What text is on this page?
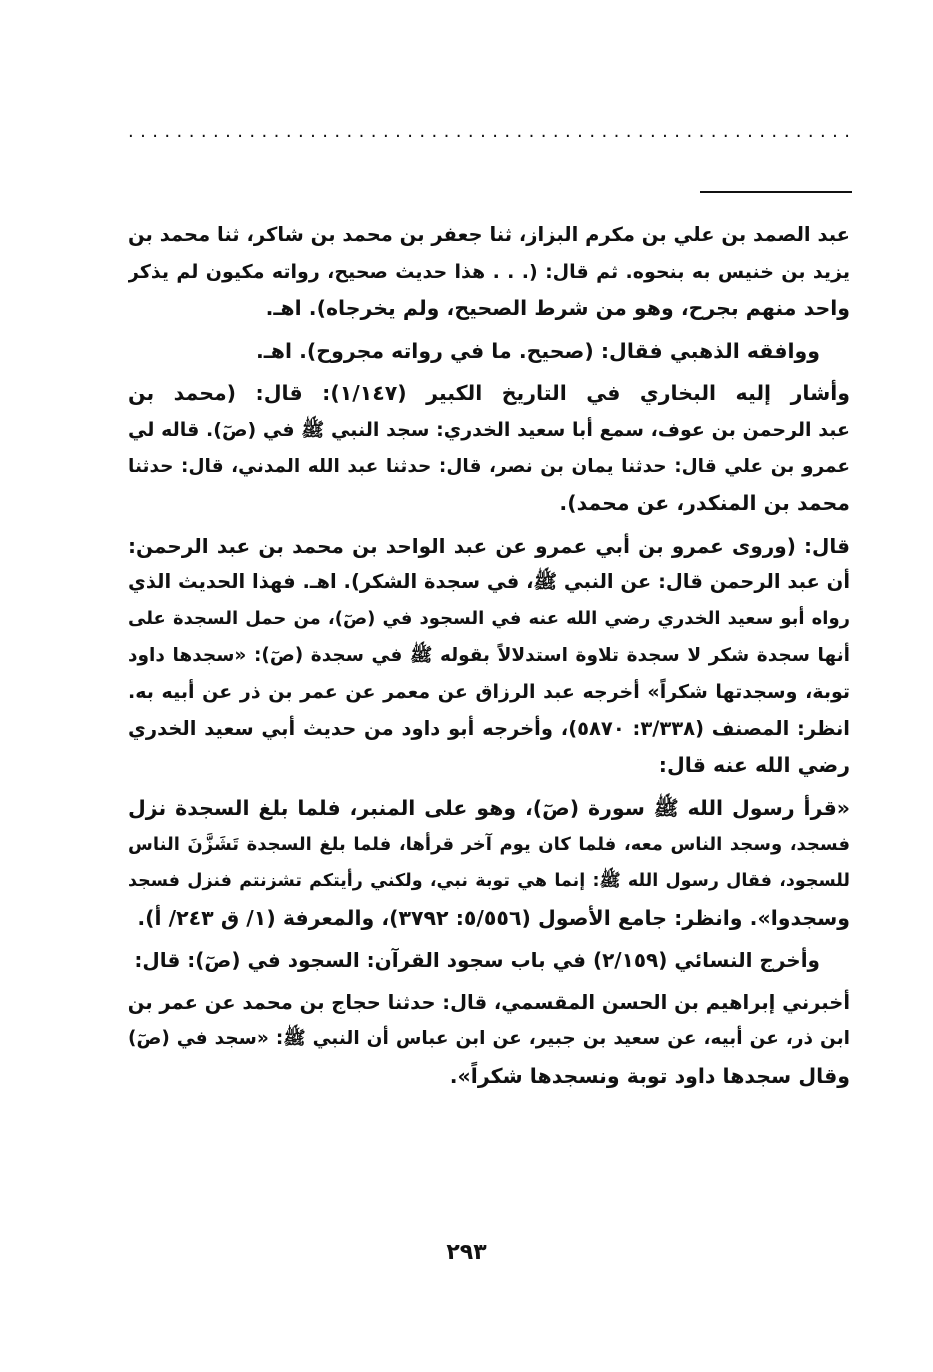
. . . . . . . . . . . . . . . . . . . . . . . . . . . . . . . . . . . . . . . . . . . . . . . . . . . . . . . . . . . .

عبد الصمد بن علي بن مكرم البزاز، ثنا جعفر بن محمد بن شاكر، ثنا محمد بن
يزيد بن خنيس به بنحوه. ثم قال: (. . . هذا حديث صحيح، رواته مكيون لم يذكر
واحد منهم بجرح، وهو من شرط الصحيح، ولم يخرجاه). اهـ.

ووافقه الذهبي فقال: (صحيح. ما في رواته مجروح). اهـ.

وأشار إليه البخاري في التاريخ الكبير (١/١٤٧): قال: (محمد بن
عبد الرحمن بن عوف، سمع أبا سعيد الخدري: سجد النبي ﷺ في (صٓ). قاله لي
عمرو بن علي قال: حدثنا يمان بن نصر، قال: حدثنا عبد الله المدني، قال: حدثنا
محمد بن المنكدر، عن محمد).

قال: (وروى عمرو بن أبي عمرو عن عبد الواحد بن محمد بن عبد الرحمن:
أن عبد الرحمن قال: عن النبي ﷺ، في سجدة الشكر). اهـ. فهذا الحديث الذي
رواه أبو سعيد الخدري رضي الله عنه في السجود في (صٓ)، من حمل السجدة على
أنها سجدة شكر لا سجدة تلاوة استدلالاً بقوله ﷺ في سجدة (صٓ): «سجدها داود
توبة، وسجدتها شكراً» أخرجه عبد الرزاق عن معمر عن عمر بن ذر عن أبيه به.
انظر: المصنف (٣/٣٣٨: ٥٨٧٠)، وأخرجه أبو داود من حديث أبي سعيد الخدري
رضي الله عنه قال:

«قرأ رسول الله ﷺ سورة (صٓ)، وهو على المنبر، فلما بلغ السجدة نزل
فسجد، وسجد الناس معه، فلما كان يوم آخر قرأها، فلما بلغ السجدة تَشَزَّنَ الناس
للسجود، فقال رسول الله ﷺ: إنما هي توبة نبي، ولكني رأيتكم تشزنتم فنزل فسجد
وسجدوا». وانظر: جامع الأصول (٥/٥٥٦: ٣٧٩٢)، والمعرفة (١/ ق ٢٤٣/ أ).

وأخرج النسائي (٢/١٥٩) في باب سجود القرآن: السجود في (صٓ): قال:

أخبرني إبراهيم بن الحسن المقسمي، قال: حدثنا حجاج بن محمد عن عمر بن
ابن ذر، عن أبيه، عن سعيد بن جبير، عن ابن عباس أن النبي ﷺ: «سجد في (صٓ)
وقال سجدها داود توبة ونسجدها شكراً».

٢٩٣
